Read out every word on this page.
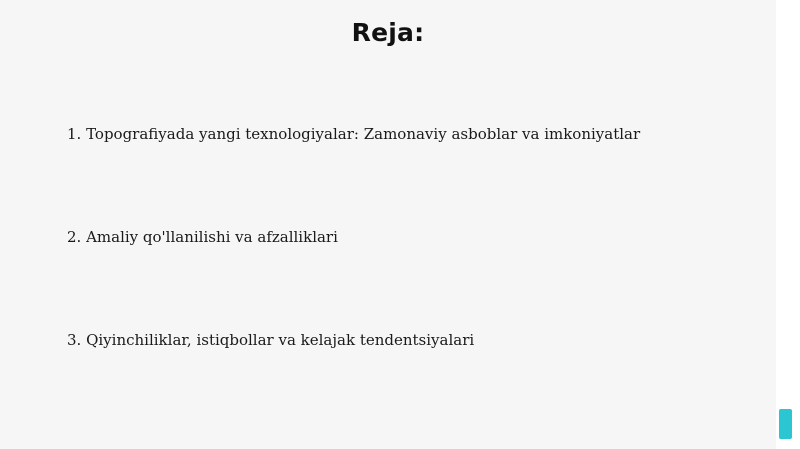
Reja:
1. Topografiyada yangi texnologiyalar: Zamonaviy asboblar va imkoniyatlar
2. Amaliy qo'llanilishi va afzalliklari
3. Qiyinchiliklar, istiqbollar va kelajak tendentsiyalari
